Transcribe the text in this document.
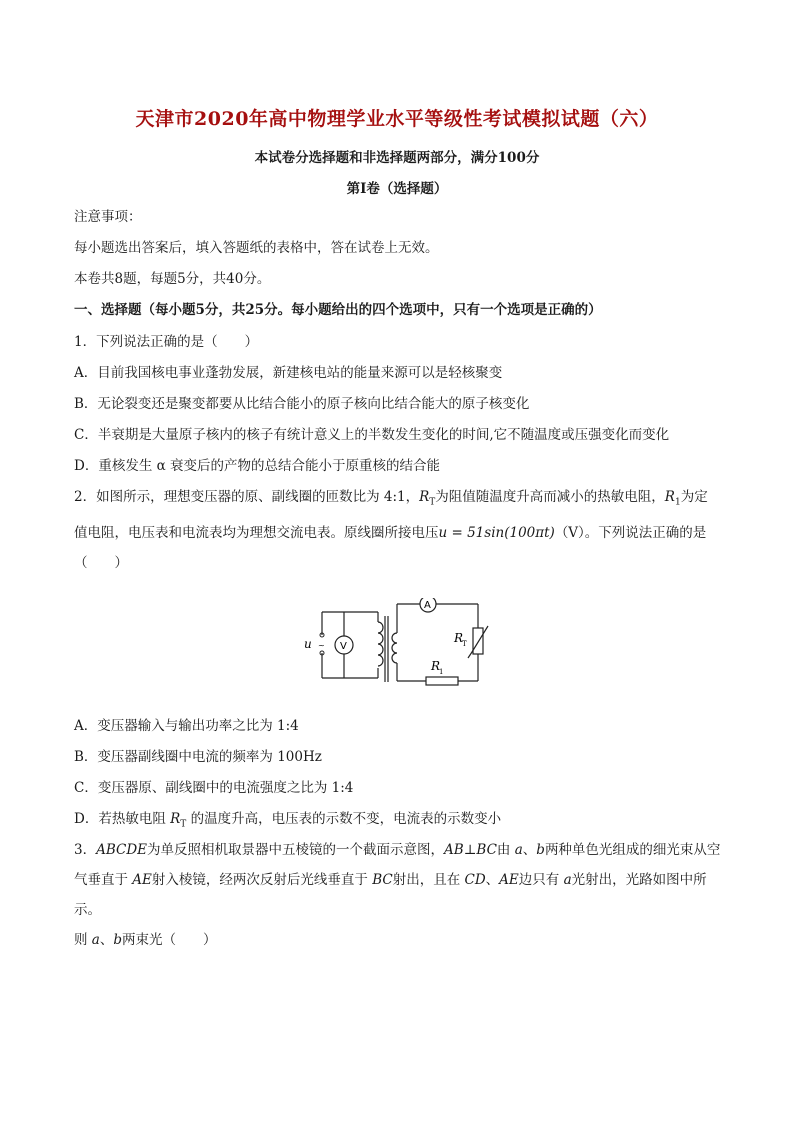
天津市2020年高中物理学业水平等级性考试模拟试题（六）
本试卷分选择题和非选择题两部分，满分100分
第Ⅰ卷（选择题）
注意事项：
每小题选出答案后，填入答题纸的表格中，答在试卷上无效。
本卷共8题，每题5分，共40分。
一、选择题（每小题5分，共25分。每小题给出的四个选项中，只有一个选项是正确的）
1．下列说法正确的是（　　）
A．目前我国核电事业蓬勃发展，新建核电站的能量来源可以是轻核聚变
B．无论裂变还是聚变都要从比结合能小的原子核向比结合能大的原子核变化
C．半衰期是大量原子核内的核子有统计意义上的半数发生变化的时间,它不随温度或压强变化而变化
D．重核发生 α 衰变后的产物的总结合能小于原重核的结合能
2．如图所示，理想变压器的原、副线圈的匝数比为 4:1，$R_T$为阻值随温度升高而减小的热敏电阻，$R_1$为定
值电阻，电压表和电流表均为理想交流电表。原线圈所接电压u = 51sin(100πt)（V）。下列说法正确的是
（　　）
~
u	V
A
R
T
R
1
A．变压器输入与输出功率之比为 1:4
B．变压器副线圈中电流的频率为 100Hz
C．变压器原、副线圈中的电流强度之比为 1:4
D．若热敏电阻 $R_T$ 的温度升高，电压表的示数不变，电流表的示数变小
3．ABCDE为单反照相机取景器中五棱镜的一个截面示意图，AB⊥BC由 a、b两种单色光组成的细光束从空
气垂直于 AE射入棱镜，经两次反射后光线垂直于 BC射出，且在 CD、AE边只有 a光射出，光路如图中所示。
则 a、b两束光（　　）
